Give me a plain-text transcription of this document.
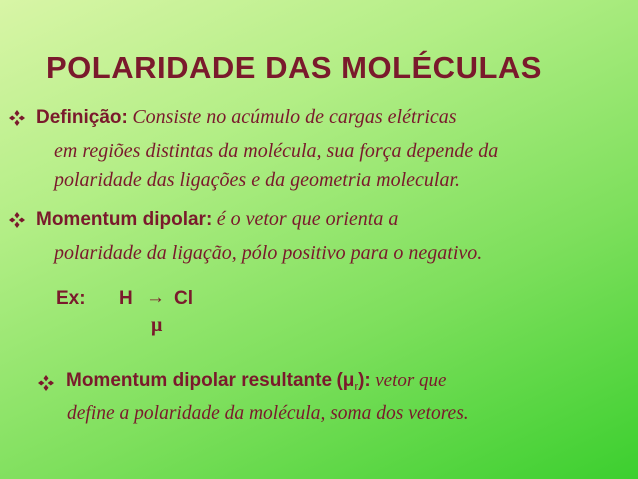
POLARIDADE DAS MOLÉCULAS
Definição: Consiste no acúmulo de cargas elétricas
em regiões distintas da molécula, sua força depende da
polaridade das ligações e da geometria molecular.
Momentum dipolar: é o vetor que orienta a
polaridade da ligação, pólo positivo para o negativo.
Ex: H → Cl
μ
Momentum dipolar resultante $(\mu_r)$: vetor que
define a polaridade da molécula, soma dos vetores.
